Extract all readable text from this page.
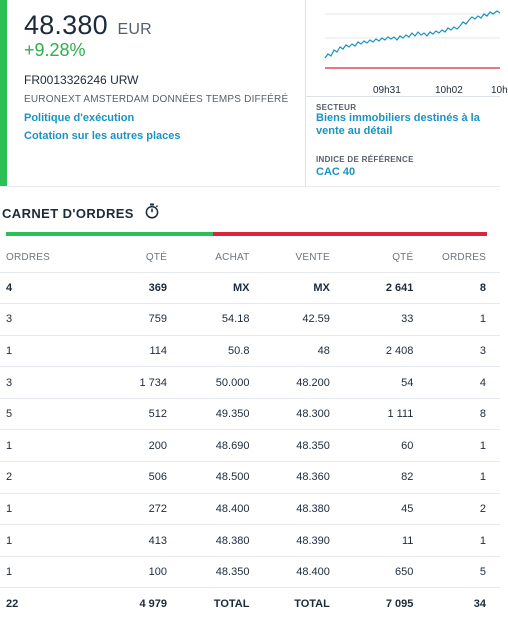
48.380 EUR
+9.28%
FR0013326246 URW
EURONEXT AMSTERDAM DONNÉES TEMPS DIFFÉRÉ
Politique d'exécution
Cotation sur les autres places
09h31	10h02	10h
SECTEUR
Biens immobiliers destinés à la vente au détail
INDICE DE RÉFÉRENCE
CAC 40
CARNET D'ORDRES
ORDRES	QTÉ	ACHAT	VENTE	QTÉ	ORDRES
4	369	MX	MX	2 641	8
3	759	54.18	42.59	33	1
1	114	50.8	48	2 408	3
3	1 734	50.000	48.200	54	4
5	512	49.350	48.300	1 111	8
1	200	48.690	48.350	60	1
2	506	48.500	48.360	82	1
1	272	48.400	48.380	45	2
1	413	48.380	48.390	11	1
1	100	48.350	48.400	650	5
22	4 979	TOTAL	TOTAL	7 095	34
